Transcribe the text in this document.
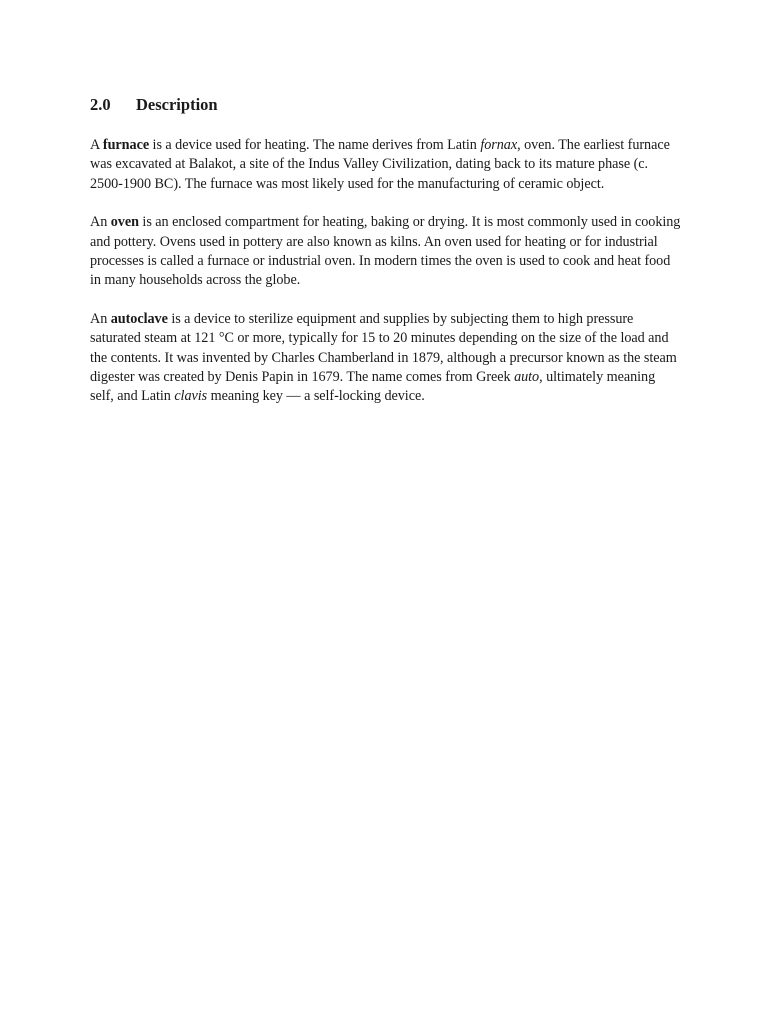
2.0	Description

A furnace is a device used for heating. The name derives from Latin fornax, oven. The earliest furnace was excavated at Balakot, a site of the Indus Valley Civilization, dating back to its mature phase (c. 2500-1900 BC). The furnace was most likely used for the manufacturing of ceramic object.

An oven is an enclosed compartment for heating, baking or drying. It is most commonly used in cooking and pottery. Ovens used in pottery are also known as kilns. An oven used for heating or for industrial processes is called a furnace or industrial oven. In modern times the oven is used to cook and heat food in many households across the globe.

An autoclave is a device to sterilize equipment and supplies by subjecting them to high pressure saturated steam at 121 °C or more, typically for 15 to 20 minutes depending on the size of the load and the contents. It was invented by Charles Chamberland in 1879, although a precursor known as the steam digester was created by Denis Papin in 1679. The name comes from Greek auto, ultimately meaning self, and Latin clavis meaning key — a self-locking device.
